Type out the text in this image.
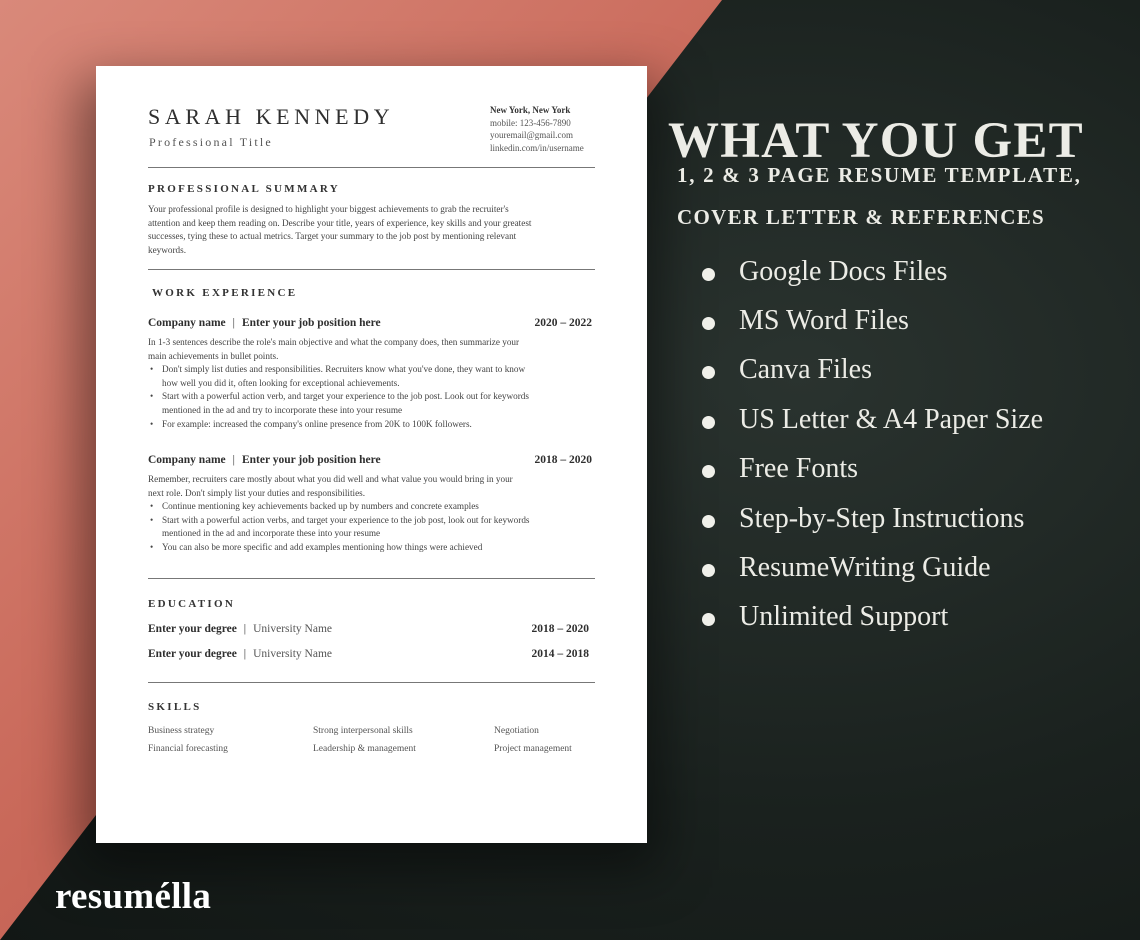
SARAH KENNEDY
Professional Title
New York, New York
mobile: 123-456-7890
youremail@gmail.com
linkedin.com/in/username
PROFESSIONAL SUMMARY
Your professional profile is designed to highlight your biggest achievements to grab the recruiter's
attention and keep them reading on. Describe your title, years of experience, key skills and your greatest
successes, tying these to actual metrics. Target your summary to the job post by mentioning relevant
keywords.
WORK EXPERIENCE
Company name | Enter your job position here	2020 – 2022
In 1-3 sentences describe the role's main objective and what the company does, then summarize your
main achievements in bullet points.
• Don't simply list duties and responsibilities. Recruiters know what you've done, they want to know
how well you did it, often looking for exceptional achievements.
• Start with a powerful action verb, and target your experience to the job post. Look out for keywords
mentioned in the ad and try to incorporate these into your resume
• For example: increased the company's online presence from 20K to 100K followers.
Company name | Enter your job position here	2018 – 2020
Remember, recruiters care mostly about what you did well and what value you would bring in your
next role. Don't simply list your duties and responsibilities.
• Continue mentioning key achievements backed up by numbers and concrete examples
• Start with a powerful action verbs, and target your experience to the job post, look out for keywords
mentioned in the ad and incorporate these into your resume
• You can also be more specific and add examples mentioning how things were achieved
EDUCATION
Enter your degree | University Name	2018 – 2020
Enter your degree | University Name	2014 – 2018
SKILLS
Business strategy	Strong interpersonal skills	Negotiation
Financial forecasting	Leadership & management	Project management
WHAT YOU GET
1, 2 & 3 PAGE RESUME TEMPLATE,
COVER LETTER & REFERENCES
Google Docs Files
MS Word Files
Canva Files
US Letter & A4 Paper Size
Free Fonts
Step-by-Step Instructions
ResumeWriting Guide
Unlimited Support
resumélla
